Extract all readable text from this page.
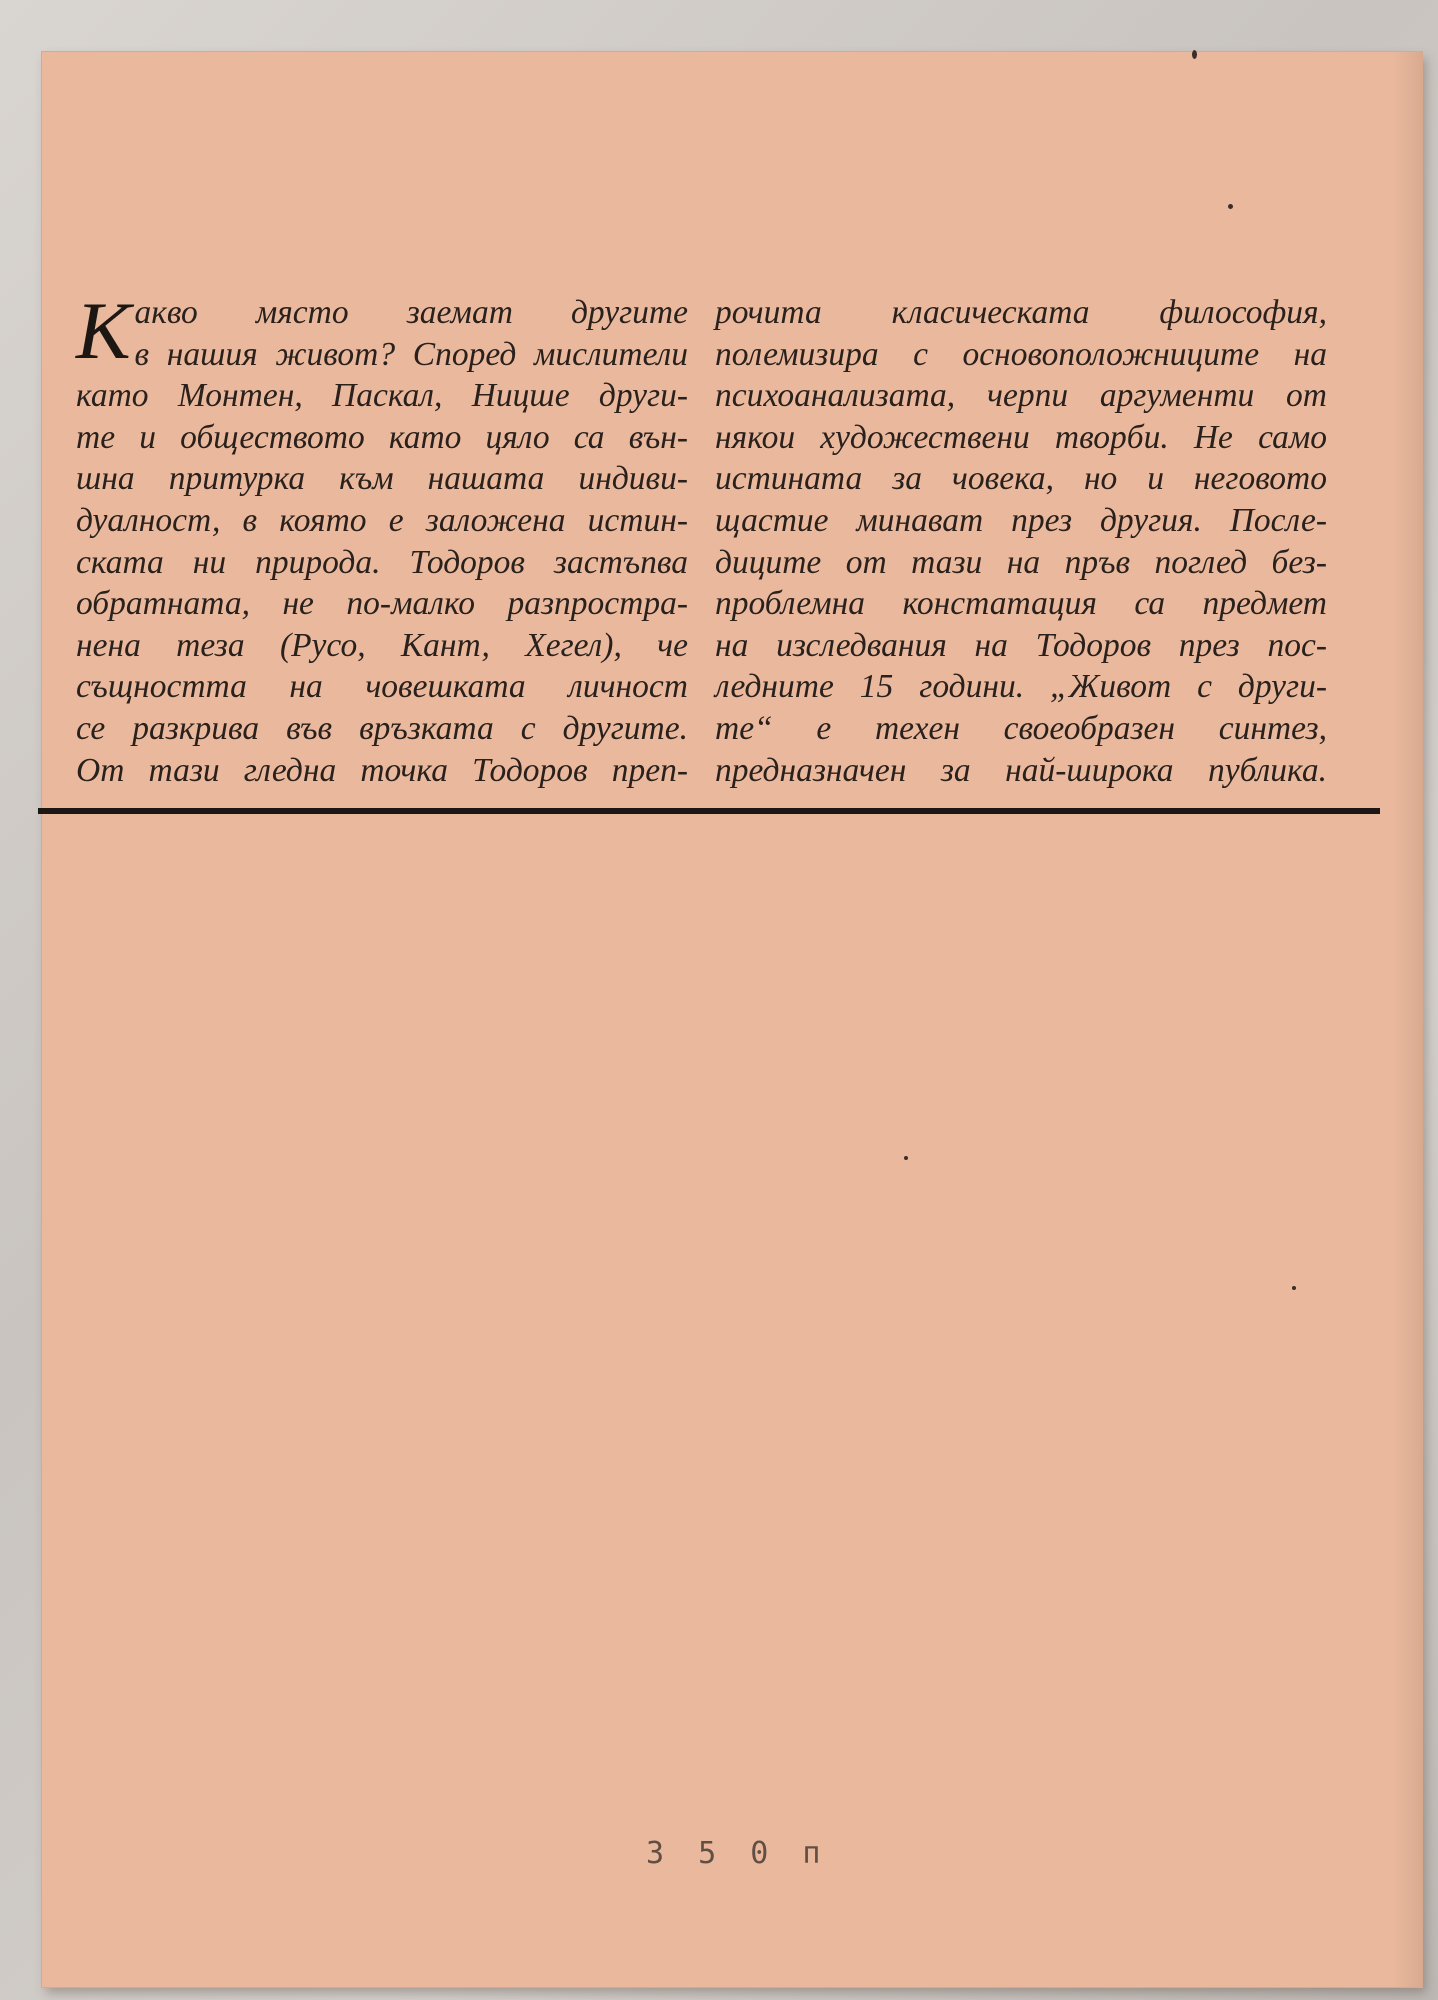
К акво място заемат другите
в нашия живот? Според мислители
като Монтен, Паскал, Ницше други-
те и обществото като цяло са вън-
шна притурка към нашата индиви-
дуалност, в която е заложена истин-
ската ни природа. Тодоров застъпва
обратната, не по-малко разпростра-
нена теза (Русо, Кант, Хегел), че
същността на човешката личност
се разкрива във връзката с другите.
От тази гледна точка Тодоров преп-
рочита класическата философия,
полемизира с основоположниците на
психоанализата, черпи аргументи от
някои художествени творби. Не само
истината за човека, но и неговото
щастие минават през другия. После-
диците от тази на пръв поглед без-
проблемна констатация са предмет
на изследвания на Тодоров през пос-
ледните 15 години. „Живот с други-
те“ е техен своеобразен синтез,
предназначен за най-широка публика.
3 5 0 п
